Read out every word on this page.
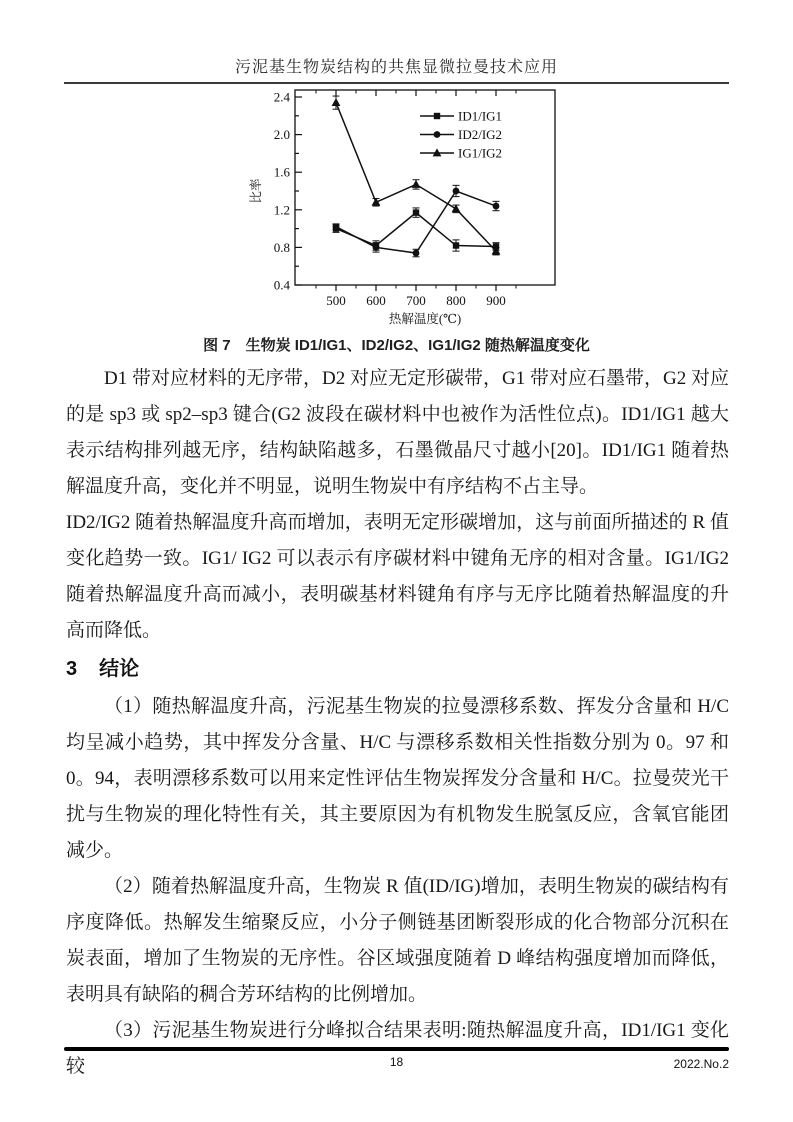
污泥基生物炭结构的共焦显微拉曼技术应用
0.4
0.8
1.2
1.6
2.0
2.4
500 600 700 800 900
热解温度(℃)
比率
ID1/IG1
ID2/IG2
IG1/IG2
图 7　生物炭 ID1/IG1、ID2/IG2、IG1/IG2 随热解温度变化

D1 带对应材料的无序带，D2 对应无定形碳带，G1 带对应石墨带，G2 对应的是 sp3 或 sp2–sp3 键合(G2 波段在碳材料中也被作为活性位点)。ID1/IG1 越大表示结构排列越无序，结构缺陷越多，石墨微晶尺寸越小[20]。ID1/IG1 随着热解温度升高，变化并不明显，说明生物炭中有序结构不占主导。

ID2/IG2 随着热解温度升高而增加，表明无定形碳增加，这与前面所描述的 R 值变化趋势一致。IG1/ IG2 可以表示有序碳材料中键角无序的相对含量。IG1/IG2 随着热解温度升高而减小，表明碳基材料键角有序与无序比随着热解温度的升高而降低。

3 结论

（1）随热解温度升高，污泥基生物炭的拉曼漂移系数、挥发分含量和 H/C 均呈减小趋势，其中挥发分含量、H/C 与漂移系数相关性指数分别为 0。97 和 0。94，表明漂移系数可以用来定性评估生物炭挥发分含量和 H/C。拉曼荧光干扰与生物炭的理化特性有关，其主要原因为有机物发生脱氢反应，含氧官能团减少。

（2）随着热解温度升高，生物炭 R 值(ID/IG)增加，表明生物炭的碳结构有序度降低。热解发生缩聚反应，小分子侧链基团断裂形成的化合物部分沉积在炭表面，增加了生物炭的无序性。谷区域强度随着 D 峰结构强度增加而降低，表明具有缺陷的稠合芳环结构的比例增加。

（3）污泥基生物炭进行分峰拟合结果表明:随热解温度升高，ID1/IG1 变化较	18	2022.No.2
